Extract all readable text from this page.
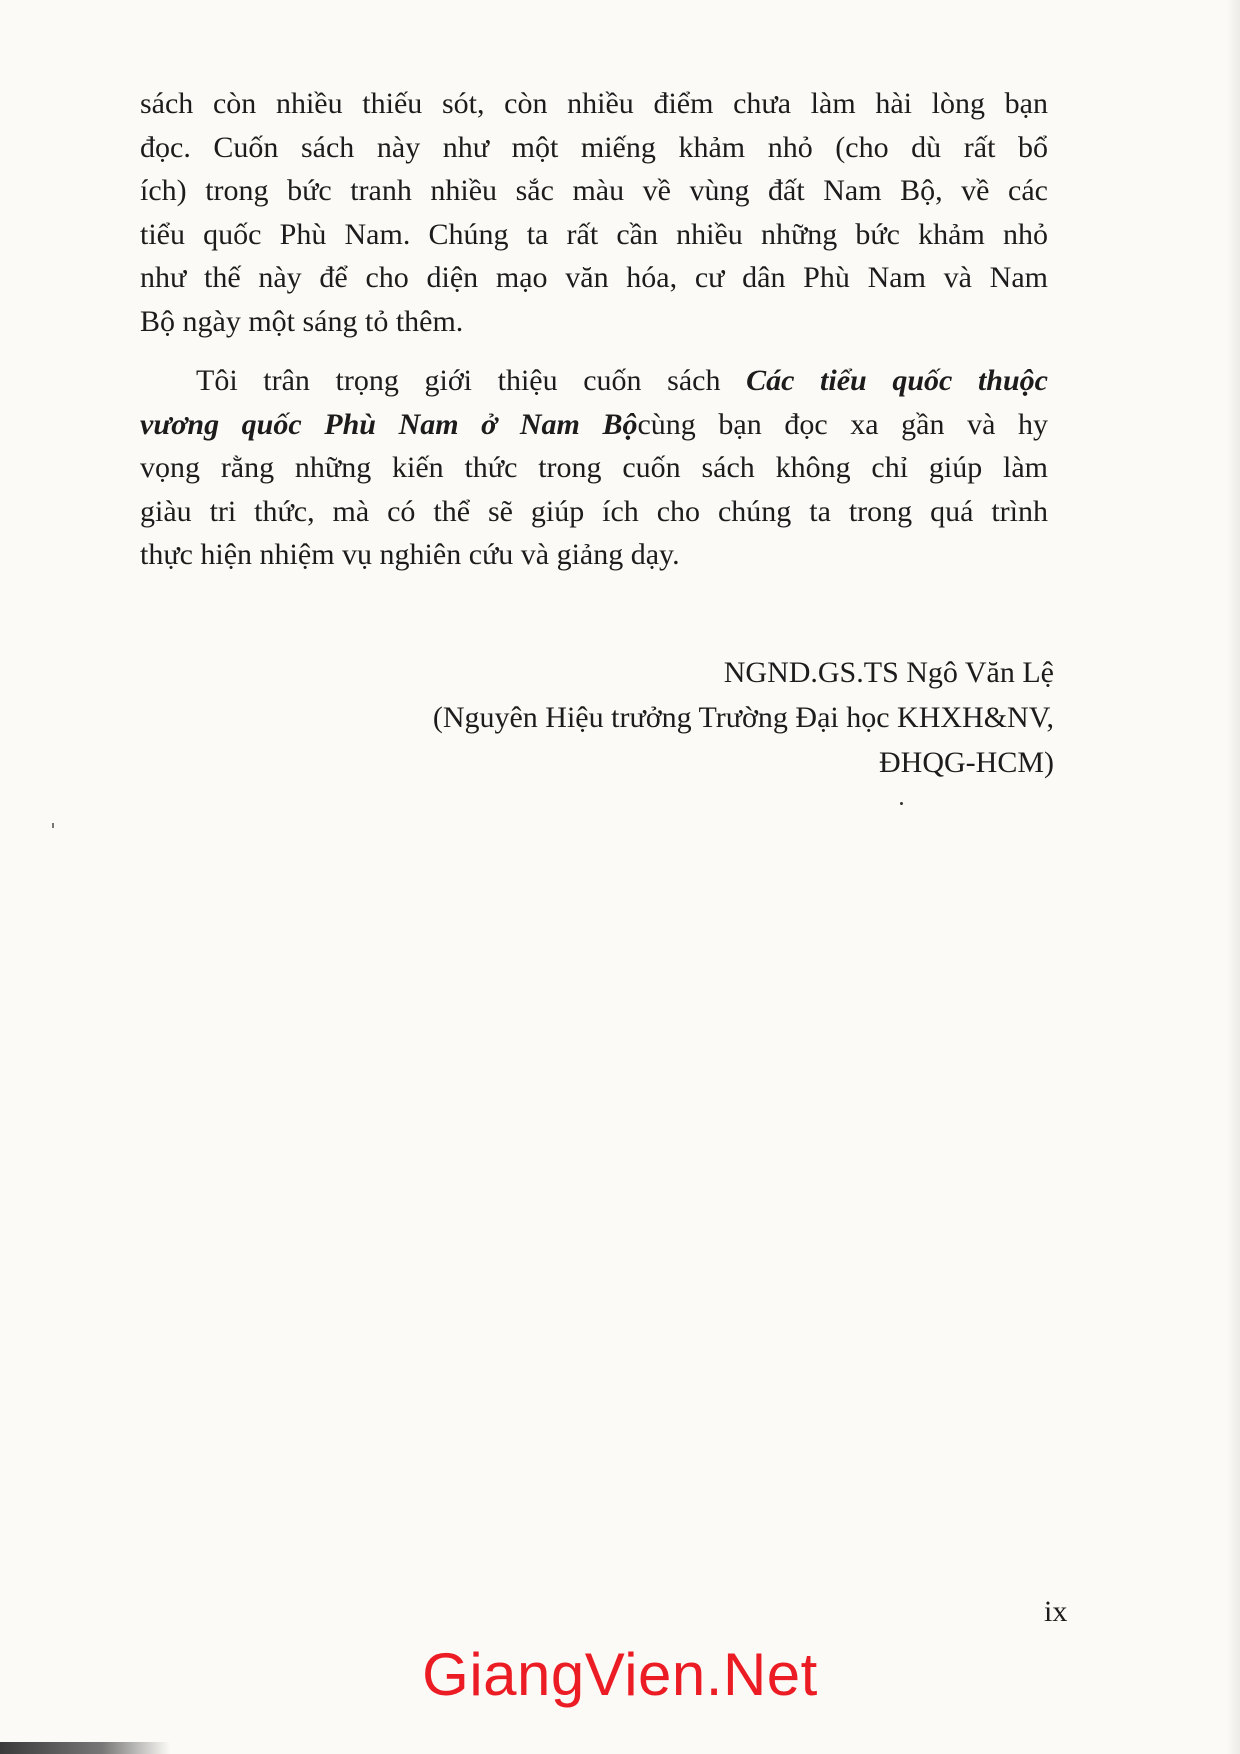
sách còn nhiều thiếu sót, còn nhiều điểm chưa làm hài lòng bạn
đọc. Cuốn sách này như một miếng khảm nhỏ (cho dù rất bổ
ích) trong bức tranh nhiều sắc màu về vùng đất Nam Bộ, về các
tiểu quốc Phù Nam. Chúng ta rất cần nhiều những bức khảm nhỏ
như thế này để cho diện mạo văn hóa, cư dân Phù Nam và Nam
Bộ ngày một sáng tỏ thêm.
Tôi trân trọng giới thiệu cuốn sách Các tiểu quốc thuộc
vương quốc Phù Nam ở Nam Bộcùng bạn đọc xa gần và hy
vọng rằng những kiến thức trong cuốn sách không chỉ giúp làm
giàu tri thức, mà có thể sẽ giúp ích cho chúng ta trong quá trình
thực hiện nhiệm vụ nghiên cứu và giảng dạy.
NGND.GS.TS Ngô Văn Lệ
(Nguyên Hiệu trưởng Trường Đại học KHXH&NV,
ĐHQG-HCM)
ix
GiangVien.Net
